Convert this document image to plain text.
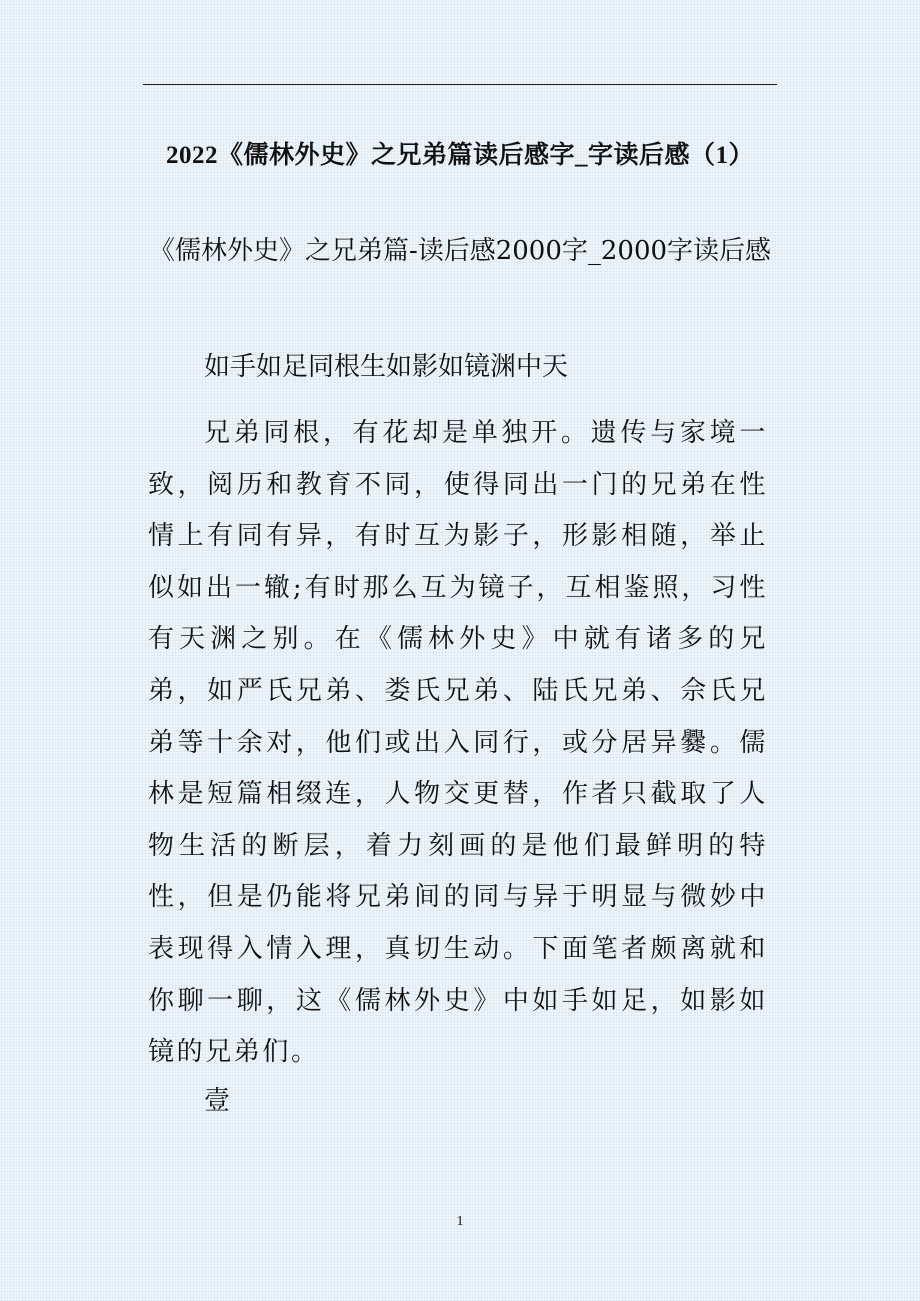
2022《儒林外史》之兄弟篇读后感字_字读后感（1）
《儒林外史》之兄弟篇-读后感2000字_2000字读后感
如手如足同根生如影如镜渊中天
兄弟同根，有花却是单独开。遗传与家境一致，阅历和教育不同，使得同出一门的兄弟在性情上有同有异，有时互为影子，形影相随，举止似如出一辙;有时那么互为镜子，互相鉴照，习性有天渊之别。在《儒林外史》中就有诸多的兄弟，如严氏兄弟、娄氏兄弟、陆氏兄弟、佘氏兄弟等十余对，他们或出入同行，或分居异爨。儒林是短篇相缀连，人物交更替，作者只截取了人物生活的断层，着力刻画的是他们最鲜明的特性，但是仍能将兄弟间的同与异于明显与微妙中表现得入情入理，真切生动。下面笔者颇离就和你聊一聊，这《儒林外史》中如手如足，如影如镜的兄弟们。
壹
1
